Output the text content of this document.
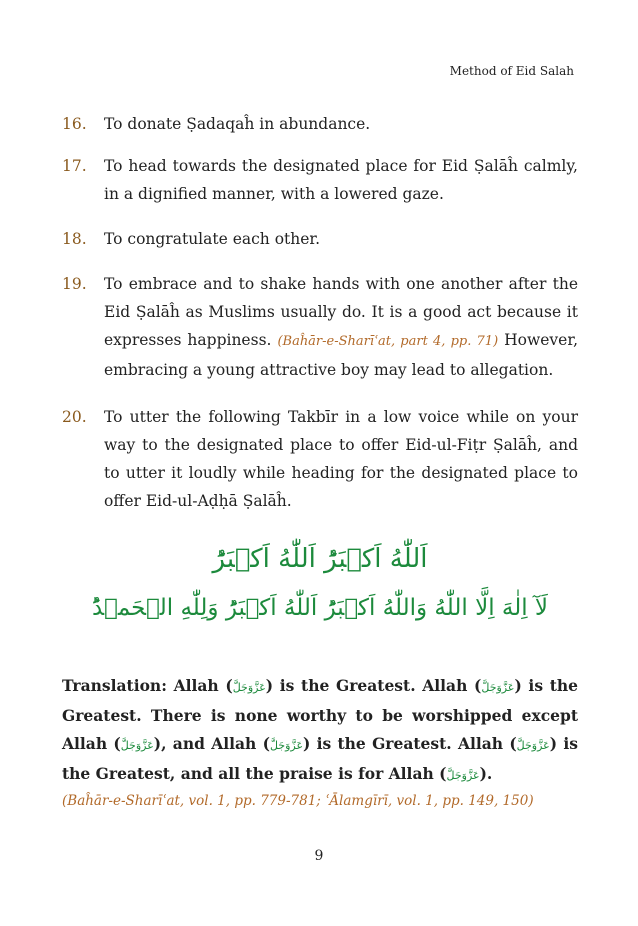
Method of Eid Salah
16. To donate Ṣadaqaĥ in abundance.
17. To head towards the designated place for Eid Ṣalāĥ calmly, in a dignified manner, with a lowered gaze.
18. To congratulate each other.
19. To embrace and to shake hands with one another after the Eid Ṣalāĥ as Muslims usually do. It is a good act because it expresses happiness. (Baĥār-e-Sharīʿat, part 4, pp. 71) However, embracing a young attractive boy may lead to allegation.
20. To utter the following Takbīr in a low voice while on your way to the designated place to offer Eid-ul-Fiṭr Ṣalāĥ, and to utter it loudly while heading for the designated place to offer Eid-ul-Aḍḥā Ṣalāĥ.
اَللّٰهُ اَكۡبَرُؕ اَللّٰهُ اَكۡبَرُؕ
لَآ اِلٰهَ اِلَّا اللّٰهُ وَاللّٰهُ اَكۡبَرُؕ اَللّٰهُ اَكۡبَرُؕ وَلِلّٰهِ الۡحَمۡدُؕ
Translation: Allah (عَزَّوَجَلَّ) is the Greatest. Allah (عَزَّوَجَلَّ) is the Greatest. There is none worthy to be worshipped except Allah (عَزَّوَجَلَّ), and Allah (عَزَّوَجَلَّ) is the Greatest. Allah (عَزَّوَجَلَّ) is the Greatest, and all the praise is for Allah (عَزَّوَجَلَّ).
(Baĥār-e-Sharīʿat, vol. 1, pp. 779-781; ʿĀlamgīrī, vol. 1, pp. 149, 150)
9
